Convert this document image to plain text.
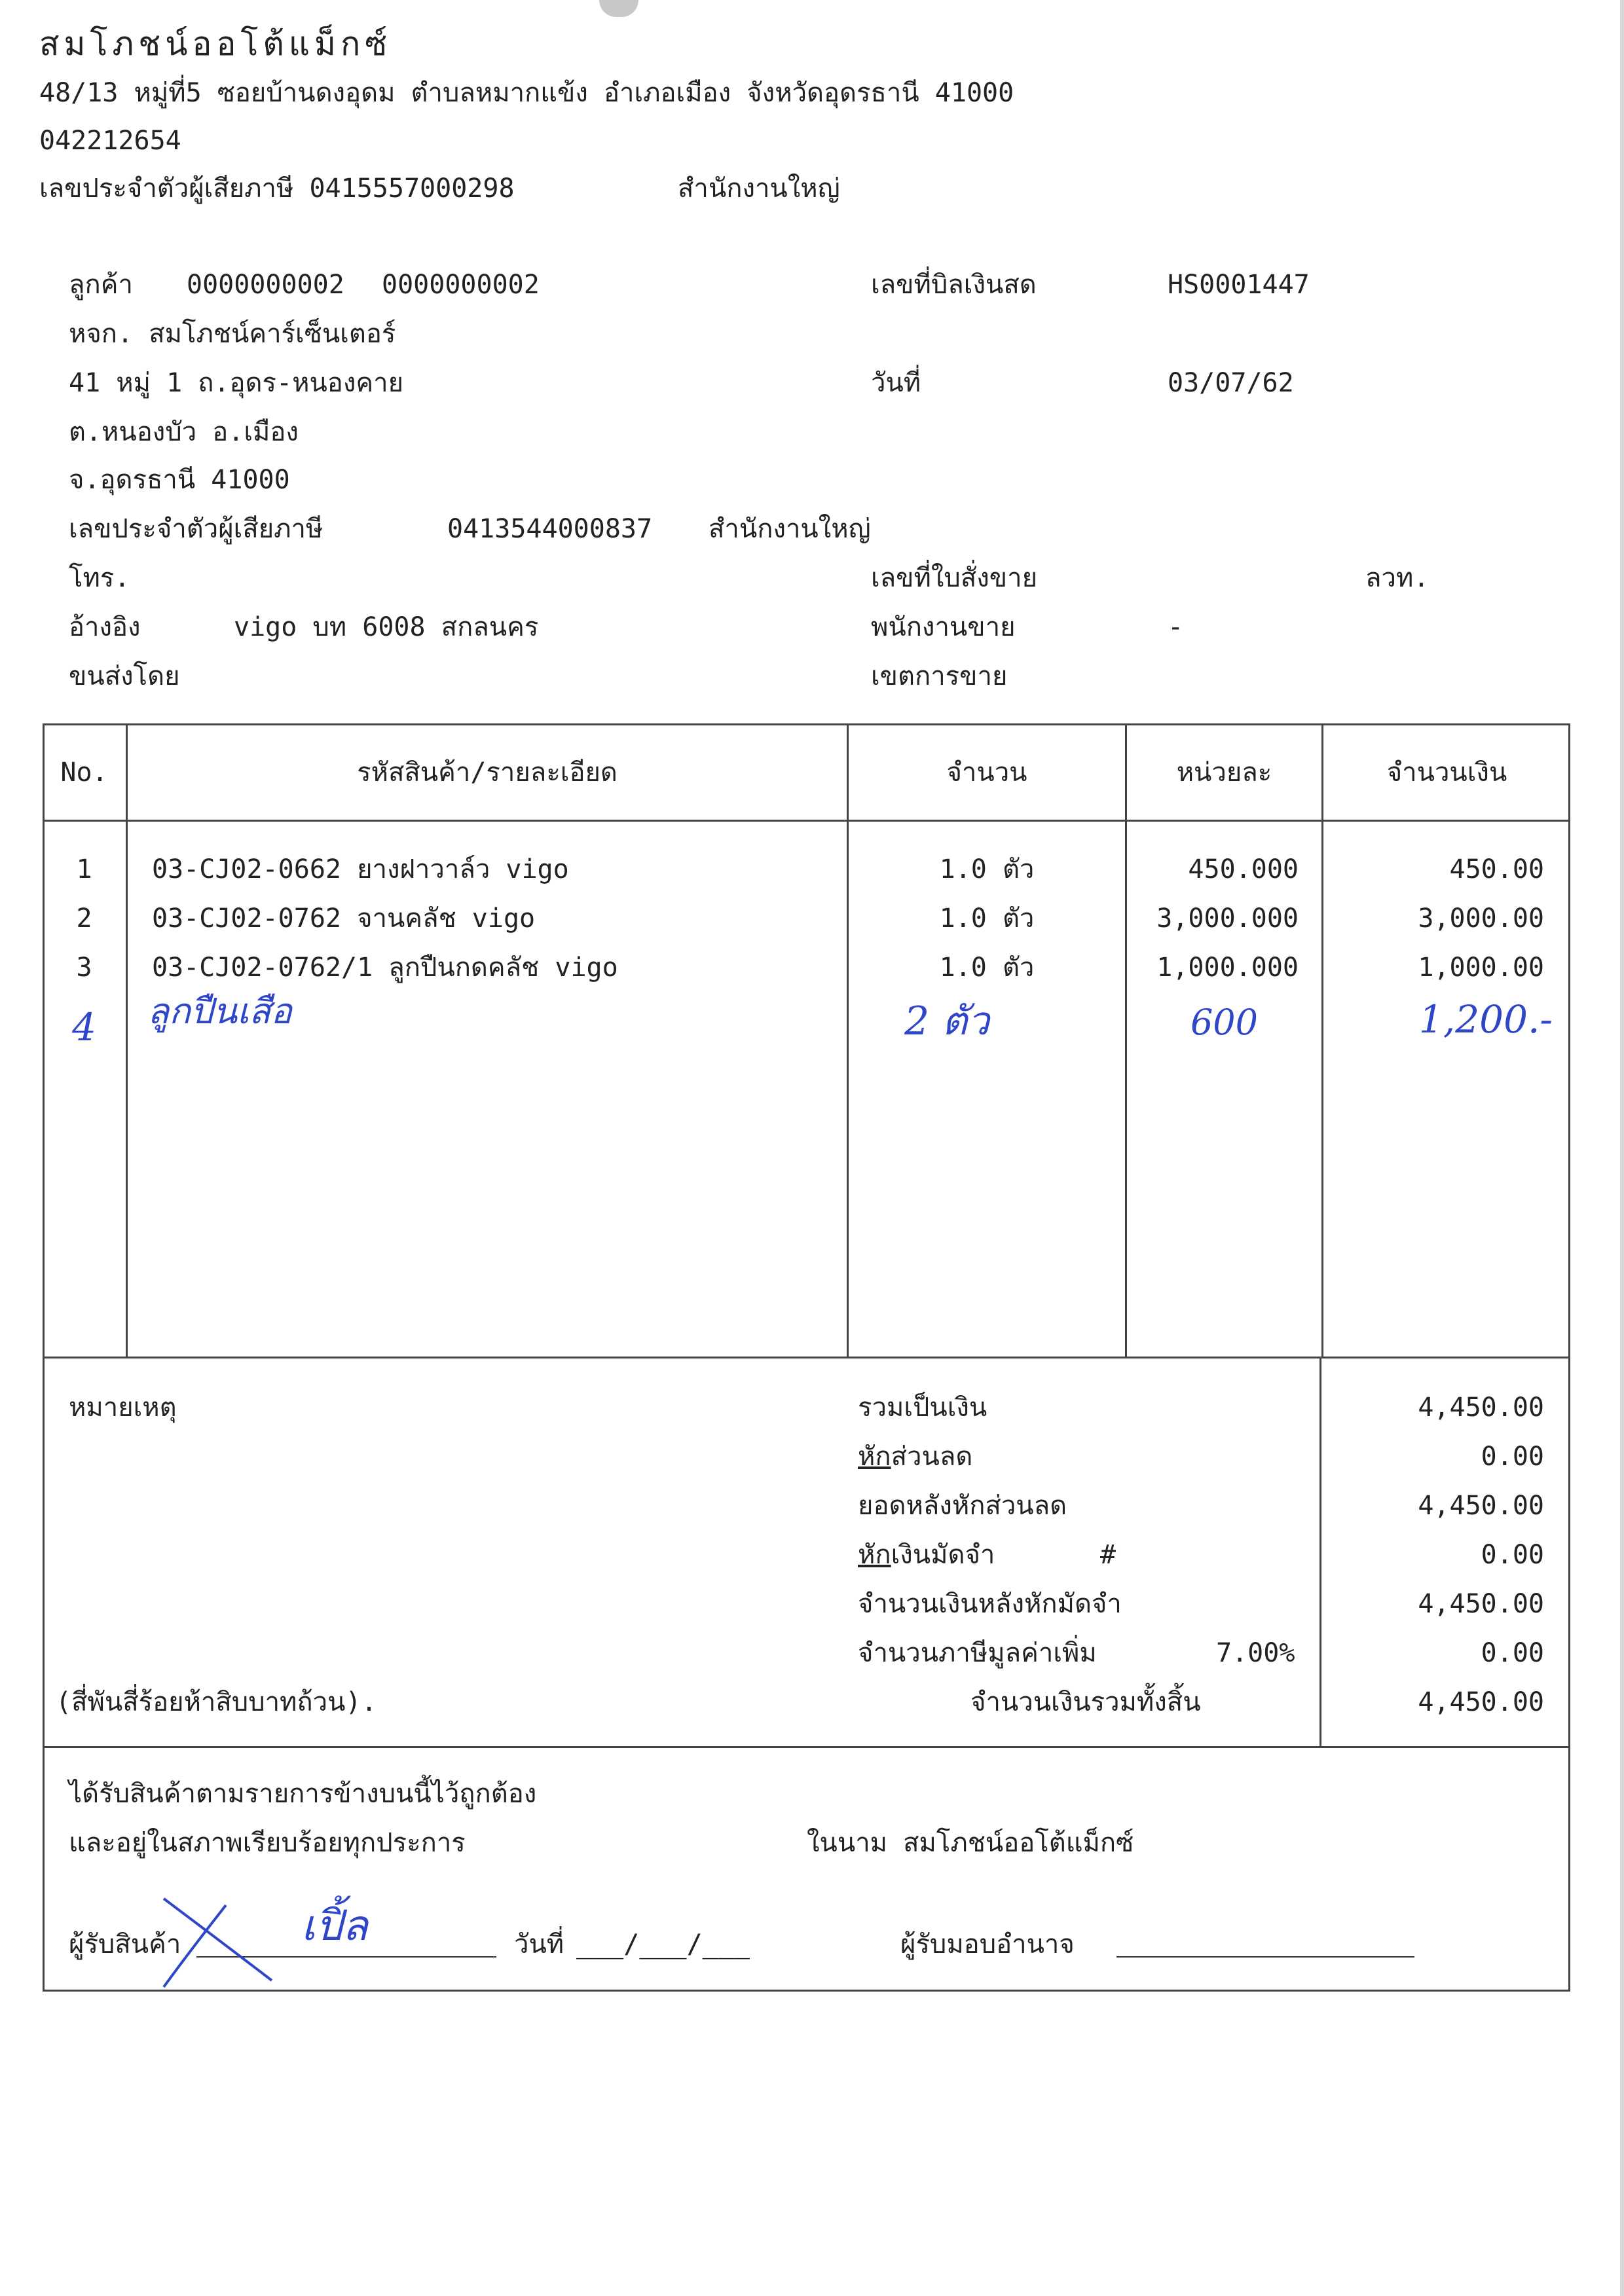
สมโภชน์ออโต้แม็กซ์
48/13 หมู่ที่5 ซอยบ้านดงอุดม ตำบลหมากแข้ง อำเภอเมือง จังหวัดอุดรธานี 41000
042212654
เลขประจำตัวผู้เสียภาษี 0415557000298	สำนักงานใหญ่
ลูกค้า 0000000002 0000000002
หจก. สมโภชน์คาร์เซ็นเตอร์
41 หมู่ 1 ถ.อุดร-หนองคาย
ต.หนองบัว อ.เมือง
จ.อุดรธานี 41000
เลขประจำตัวผู้เสียภาษี	0413544000837 สำนักงานใหญ่
โทร.
อ้างอิง	vigo บท 6008 สกลนคร
ขนส่งโดย
เลขที่บิลเงินสด	HS0001447
วันที่	03/07/62
เลขที่ใบสั่งขาย	ลวท.
พนักงานขาย	-
เขตการขาย
No.	รหัสสินค้า/รายละเอียด	จำนวน	หน่วยละ	จำนวนเงิน
1	03-CJ02-0662 ยางฝาวาล์ว vigo	1.0 ตัว	450.000	450.00
2	03-CJ02-0762 จานคลัช vigo	1.0 ตัว	3,000.000	3,000.00
3	03-CJ02-0762/1 ลูกปืนกดคลัช vigo	1.0 ตัว	1,000.000	1,000.00
4	ลูกปืนเสือ	2 ตัว	600	1,200.-
หมายเหตุ	รวมเป็นเงิน	4,450.00
หักส่วนลด	0.00
ยอดหลังหักส่วนลด	4,450.00
หักเงินมัดจำ	#	0.00
จำนวนเงินหลังหักมัดจำ	4,450.00
จำนวนภาษีมูลค่าเพิ่ม	7.00%	0.00
(สี่พันสี่ร้อยห้าสิบบาทถ้วน).	จำนวนเงินรวมทั้งสิ้น	4,450.00
ได้รับสินค้าตามรายการข้างบนนี้ไว้ถูกต้อง
และอยู่ในสภาพเรียบร้อยทุกประการ	ในนาม สมโภชน์ออโต้แม็กซ์
ผู้รับสินค้า	เปิ้ล	วันที่ ___/___/___	ผู้รับมอบอำนาจ
